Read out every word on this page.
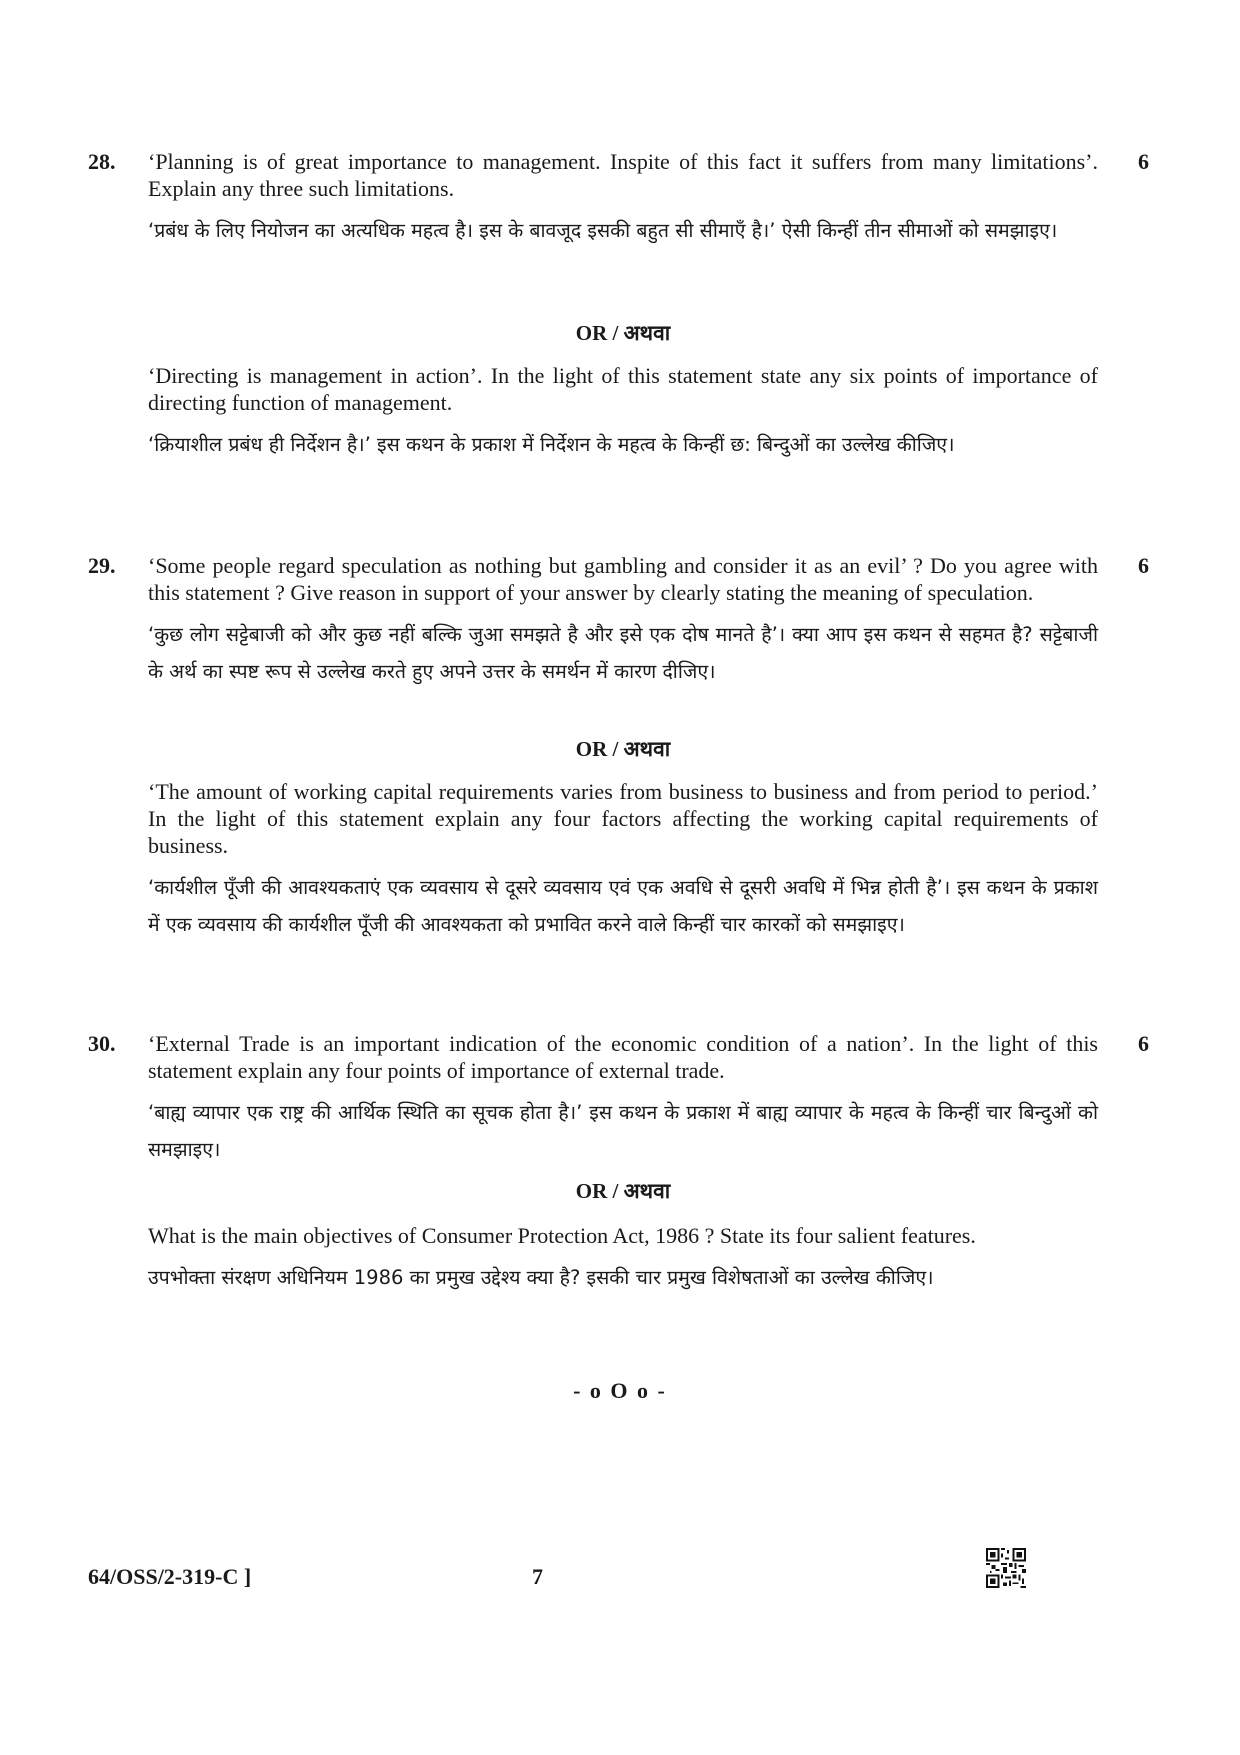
28.	6

‘Planning is of great importance to management. Inspite of this fact it suffers from many limitations’. Explain any three such limitations.

‘प्रबंध के लिए नियोजन का अत्यधिक महत्व है। इस के बावजूद इसकी बहुत सी सीमाएँ है।’ ऐसी किन्हीं तीन सीमाओं को समझाइए।

OR / अथवा

‘Directing is management in action’. In the light of this statement state any six points of importance of directing function of management.

‘क्रियाशील प्रबंध ही निर्देशन है।’ इस कथन के प्रकाश में निर्देशन के महत्व के किन्हीं छ: बिन्दुओं का उल्लेख कीजिए।

29.	6

‘Some people regard speculation as nothing but gambling and consider it as an evil’ ? Do you agree with this statement ? Give reason in support of your answer by clearly stating the meaning of speculation.

‘कुछ लोग सट्टेबाजी को और कुछ नहीं बल्कि जुआ समझते है और इसे एक दोष मानते है’। क्या आप इस कथन से सहमत है? सट्टेबाजी के अर्थ का स्पष्ट रूप से उल्लेख करते हुए अपने उत्तर के समर्थन में कारण दीजिए।

OR / अथवा

‘The amount of working capital requirements varies from business to business and from period to period.’ In the light of this statement explain any four factors affecting the working capital requirements of business.

‘कार्यशील पूँजी की आवश्यकताएं एक व्यवसाय से दूसरे व्यवसाय एवं एक अवधि से दूसरी अवधि में भिन्न होती है’। इस कथन के प्रकाश में एक व्यवसाय की कार्यशील पूँजी की आवश्यकता को प्रभावित करने वाले किन्हीं चार कारकों को समझाइए।

30.	6

‘External Trade is an important indication of the economic condition of a nation’. In the light of this statement explain any four points of importance of external trade.

‘बाह्य व्यापार एक राष्ट्र की आर्थिक स्थिति का सूचक होता है।’ इस कथन के प्रकाश में बाह्य व्यापार के महत्व के किन्हीं चार बिन्दुओं को समझाइए।

OR / अथवा

What is the main objectives of Consumer Protection Act, 1986 ? State its four salient features.

उपभोक्ता संरक्षण अधिनियम 1986 का प्रमुख उद्देश्य क्या है? इसकी चार प्रमुख विशेषताओं का उल्लेख कीजिए।

- o O o -
64/OSS/2-319-C ]	7
